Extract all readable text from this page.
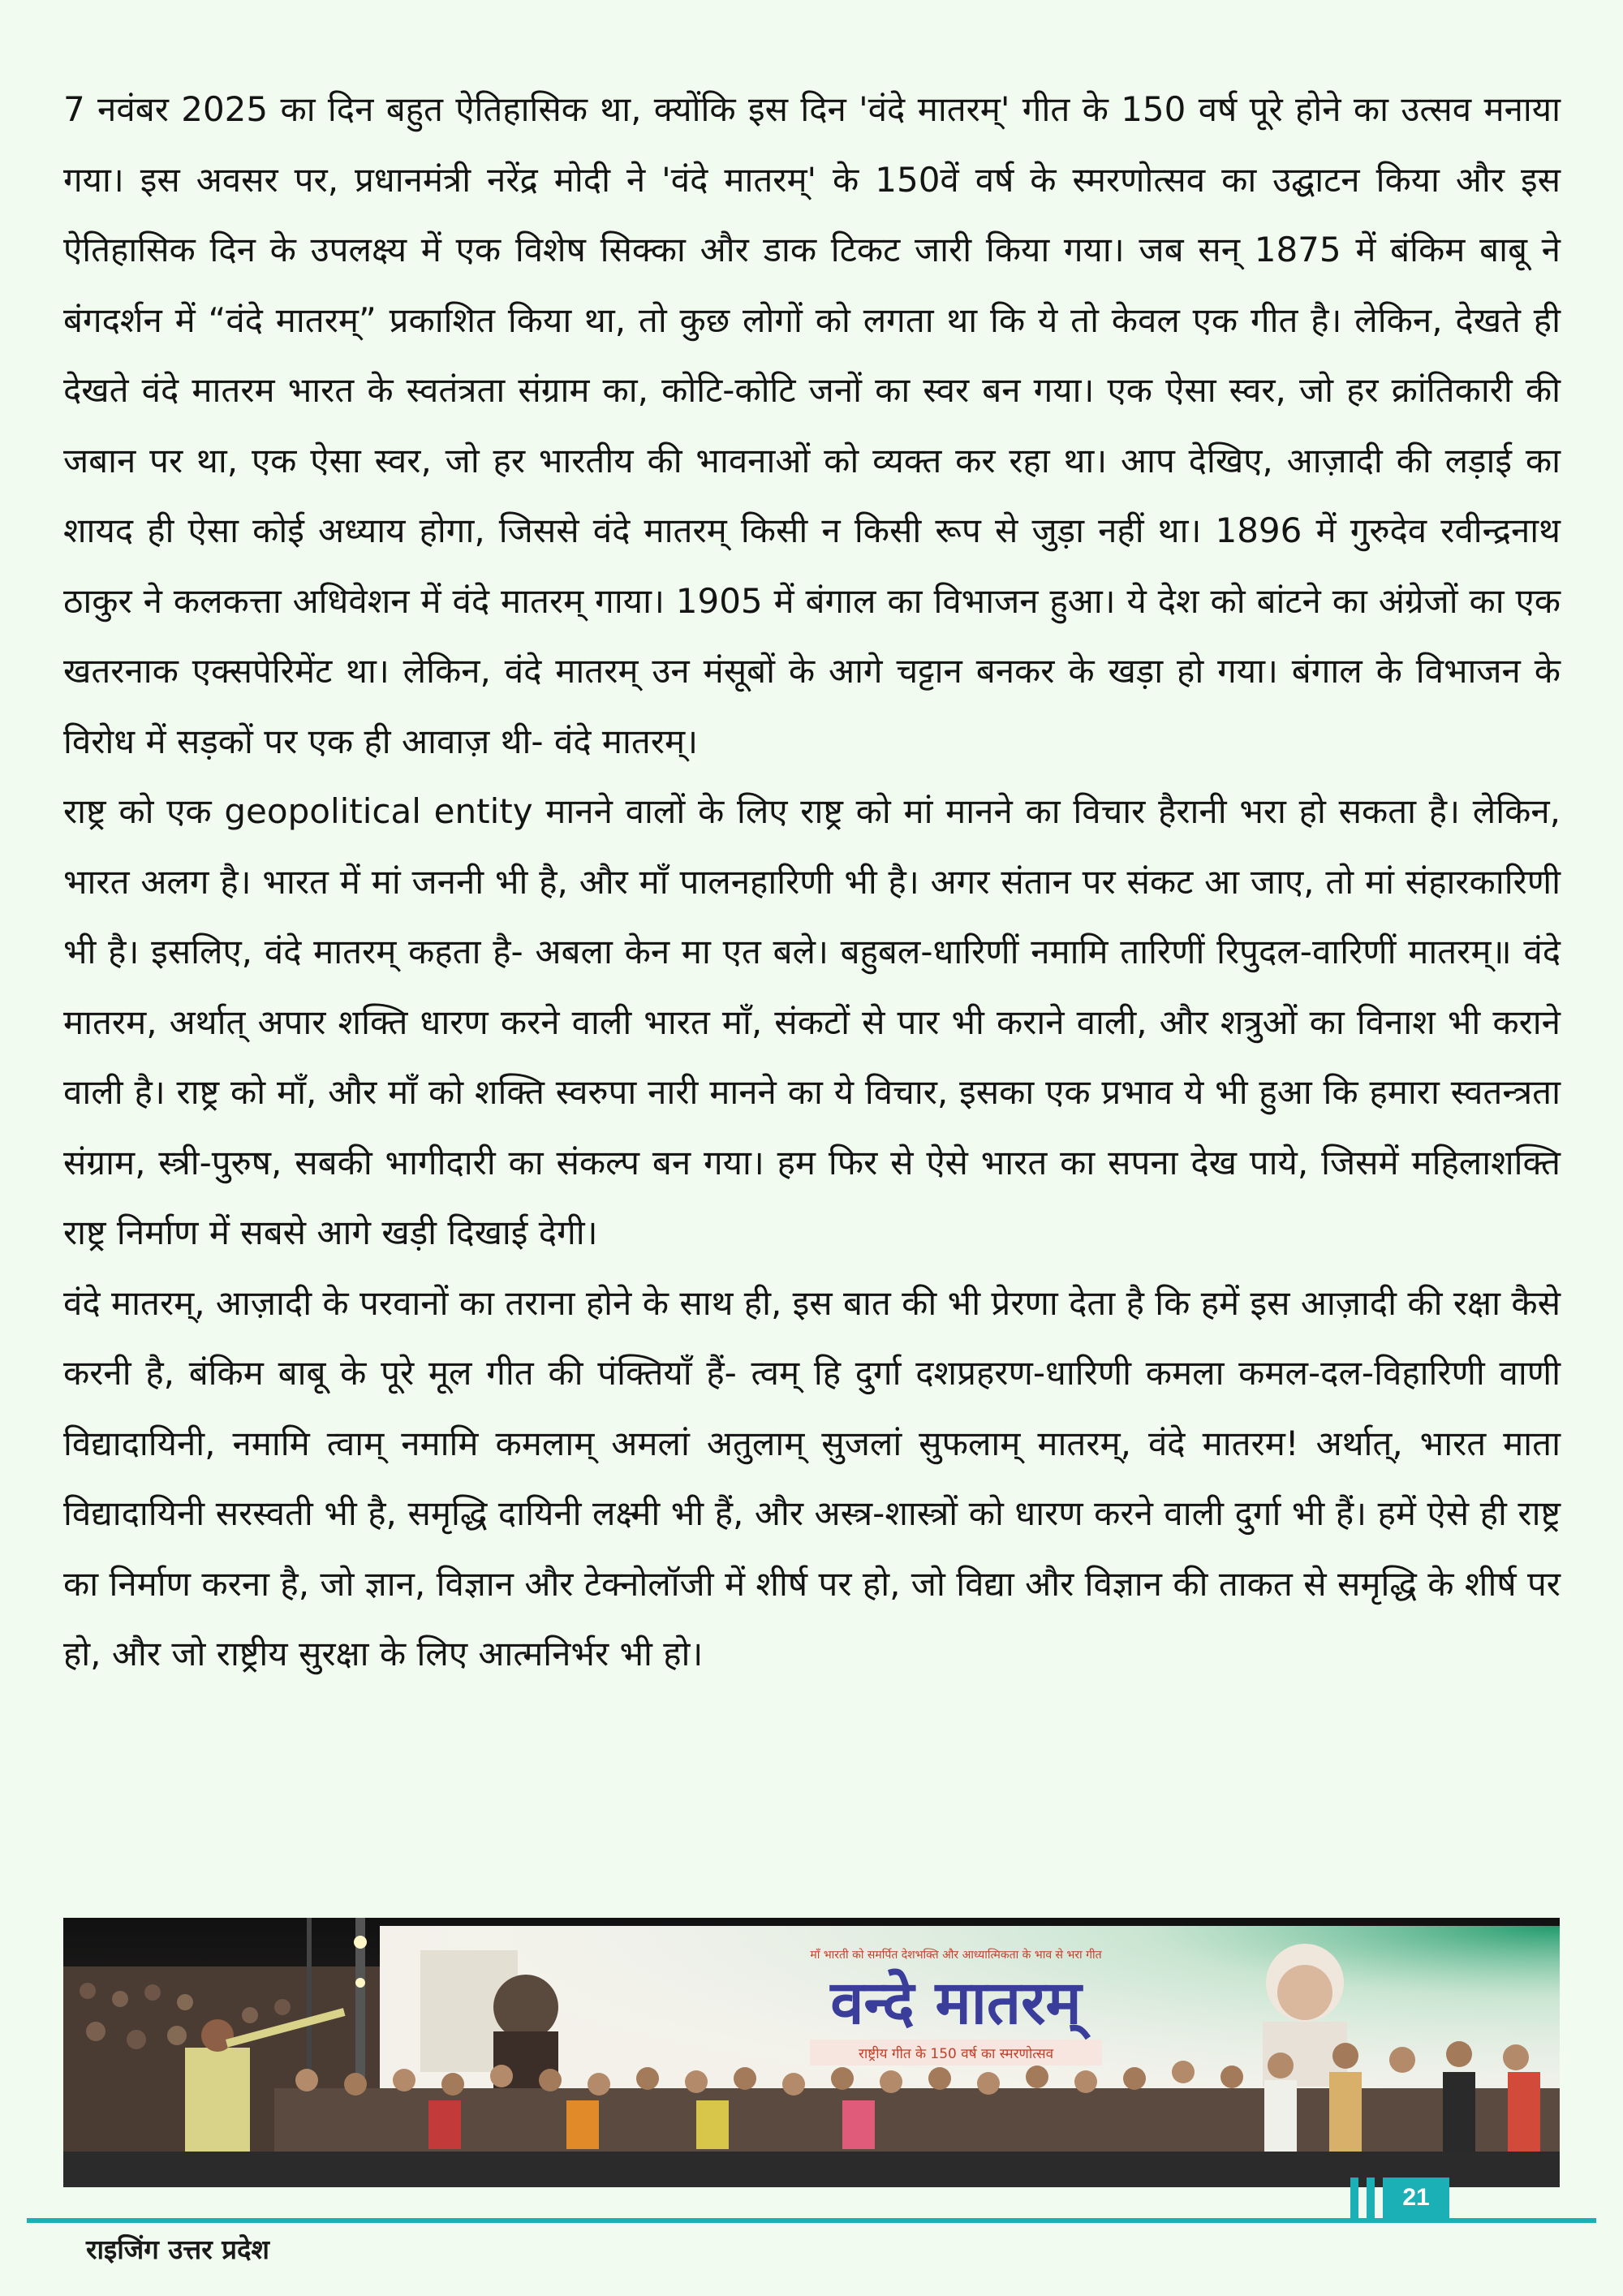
7 नवंबर 2025 का दिन बहुत ऐतिहासिक था, क्योंकि इस दिन 'वंदे मातरम्' गीत के 150 वर्ष पूरे होने का उत्सव मनाया गया। इस अवसर पर, प्रधानमंत्री नरेंद्र मोदी ने 'वंदे मातरम्' के 150वें वर्ष के स्मरणोत्सव का उद्घाटन किया और इस ऐतिहासिक दिन के उपलक्ष्य में एक विशेष सिक्का और डाक टिकट जारी किया गया। जब सन् 1875 में बंकिम बाबू ने बंगदर्शन में “वंदे मातरम्” प्रकाशित किया था, तो कुछ लोगों को लगता था कि ये तो केवल एक गीत है। लेकिन, देखते ही देखते वंदे मातरम भारत के स्वतंत्रता संग्राम का, कोटि-कोटि जनों का स्वर बन गया। एक ऐसा स्वर, जो हर क्रांतिकारी की जबान पर था, एक ऐसा स्वर, जो हर भारतीय की भावनाओं को व्यक्त कर रहा था। आप देखिए, आज़ादी की लड़ाई का शायद ही ऐसा कोई अध्याय होगा, जिससे वंदे मातरम् किसी न किसी रूप से जुड़ा नहीं था। 1896 में गुरुदेव रवीन्द्रनाथ ठाकुर ने कलकत्ता अधिवेशन में वंदे मातरम् गाया। 1905 में बंगाल का विभाजन हुआ। ये देश को बांटने का अंग्रेजों का एक खतरनाक एक्सपेरिमेंट था। लेकिन, वंदे मातरम् उन मंसूबों के आगे चट्टान बनकर के खड़ा हो गया। बंगाल के विभाजन के विरोध में सड़कों पर एक ही आवाज़ थी- वंदे मातरम्।

राष्ट्र को एक geopolitical entity मानने वालों के लिए राष्ट्र को मां मानने का विचार हैरानी भरा हो सकता है। लेकिन, भारत अलग है। भारत में मां जननी भी है, और माँ पालनहारिणी भी है। अगर संतान पर संकट आ जाए, तो मां संहारकारिणी भी है। इसलिए, वंदे मातरम् कहता है- अबला केन मा एत बले। बहुबल-धारिणीं नमामि तारिणीं रिपुदल-वारिणीं मातरम्॥ वंदे मातरम, अर्थात् अपार शक्ति धारण करने वाली भारत माँ, संकटों से पार भी कराने वाली, और शत्रुओं का विनाश भी कराने वाली है। राष्ट्र को माँ, और माँ को शक्ति स्वरुपा नारी मानने का ये विचार, इसका एक प्रभाव ये भी हुआ कि हमारा स्वतन्त्रता संग्राम, स्त्री-पुरुष, सबकी भागीदारी का संकल्प बन गया। हम फिर से ऐसे भारत का सपना देख पाये, जिसमें महिलाशक्ति राष्ट्र निर्माण में सबसे आगे खड़ी दिखाई देगी।

वंदे मातरम्, आज़ादी के परवानों का तराना होने के साथ ही, इस बात की भी प्रेरणा देता है कि हमें इस आज़ादी की रक्षा कैसे करनी है, बंकिम बाबू के पूरे मूल गीत की पंक्तियाँ हैं- त्वम् हि दुर्गा दशप्रहरण-धारिणी कमला कमल-दल-विहारिणी वाणी विद्यादायिनी, नमामि त्वाम् नमामि कमलाम् अमलां अतुलाम् सुजलां सुफलाम् मातरम्, वंदे मातरम! अर्थात्, भारत माता विद्यादायिनी सरस्वती भी है, समृद्धि दायिनी लक्ष्मी भी हैं, और अस्त्र-शास्त्रों को धारण करने वाली दुर्गा भी हैं। हमें ऐसे ही राष्ट्र का निर्माण करना है, जो ज्ञान, विज्ञान और टेक्नोलॉजी में शीर्ष पर हो, जो विद्या और विज्ञान की ताकत से समृद्धि के शीर्ष पर हो, और जो राष्ट्रीय सुरक्षा के लिए आत्मनिर्भर भी हो।

माँ भारती को समर्पित देशभक्ति और आध्यात्मिकता के भाव से भरा गीत
वन्दे मातरम्
राष्ट्रीय गीत के 150 वर्ष का स्मरणोत्सव
21
राइजिंग उत्तर प्रदेश
